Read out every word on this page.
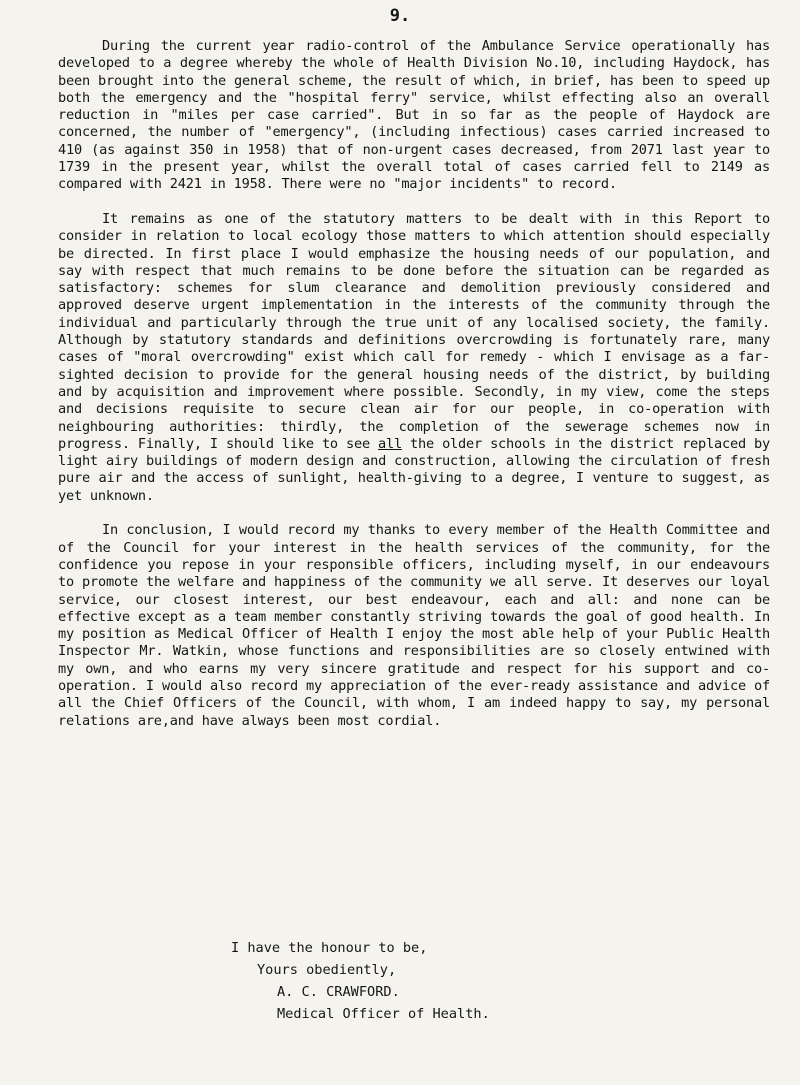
9.

During the current year radio-control of the Ambulance Service operationally has developed to a degree whereby the whole of Health Division No.10, including Haydock, has been brought into the general scheme, the result of which, in brief, has been to speed up both the emergency and the "hospital ferry" service, whilst effecting also an overall reduction in "miles per case carried". But in so far as the people of Haydock are concerned, the number of "emergency", (including infectious) cases carried increased to 410 (as against 350 in 1958) that of non-urgent cases decreased, from 2071 last year to 1739 in the present year, whilst the overall total of cases carried fell to 2149 as compared with 2421 in 1958. There were no "major incidents" to record.

It remains as one of the statutory matters to be dealt with in this Report to consider in relation to local ecology those matters to which attention should especially be directed. In first place I would emphasize the housing needs of our population, and say with respect that much remains to be done before the situation can be regarded as satisfactory: schemes for slum clearance and demolition previously considered and approved deserve urgent implementation in the interests of the community through the individual and particularly through the true unit of any localised society, the family. Although by statutory standards and definitions overcrowding is fortunately rare, many cases of "moral overcrowding" exist which call for remedy - which I envisage as a far-sighted decision to provide for the general housing needs of the district, by building and by acquisition and improvement where possible. Secondly, in my view, come the steps and decisions requisite to secure clean air for our people, in co-operation with neighbouring authorities: thirdly, the completion of the sewerage schemes now in progress. Finally, I should like to see all the older schools in the district replaced by light airy buildings of modern design and construction, allowing the circulation of fresh pure air and the access of sunlight, health-giving to a degree, I venture to suggest, as yet unknown.

In conclusion, I would record my thanks to every member of the Health Committee and of the Council for your interest in the health services of the community, for the confidence you repose in your responsible officers, including myself, in our endeavours to promote the welfare and happiness of the community we all serve. It deserves our loyal service, our closest interest, our best endeavour, each and all: and none can be effective except as a team member constantly striving towards the goal of good health. In my position as Medical Officer of Health I enjoy the most able help of your Public Health Inspector Mr. Watkin, whose functions and responsibilities are so closely entwined with my own, and who earns my very sincere gratitude and respect for his support and co-operation. I would also record my appreciation of the ever-ready assistance and advice of all the Chief Officers of the Council, with whom, I am indeed happy to say, my personal relations are,and have always been most cordial.

I have the honour to be,
Yours obediently,
A. C. CRAWFORD.
Medical Officer of Health.
